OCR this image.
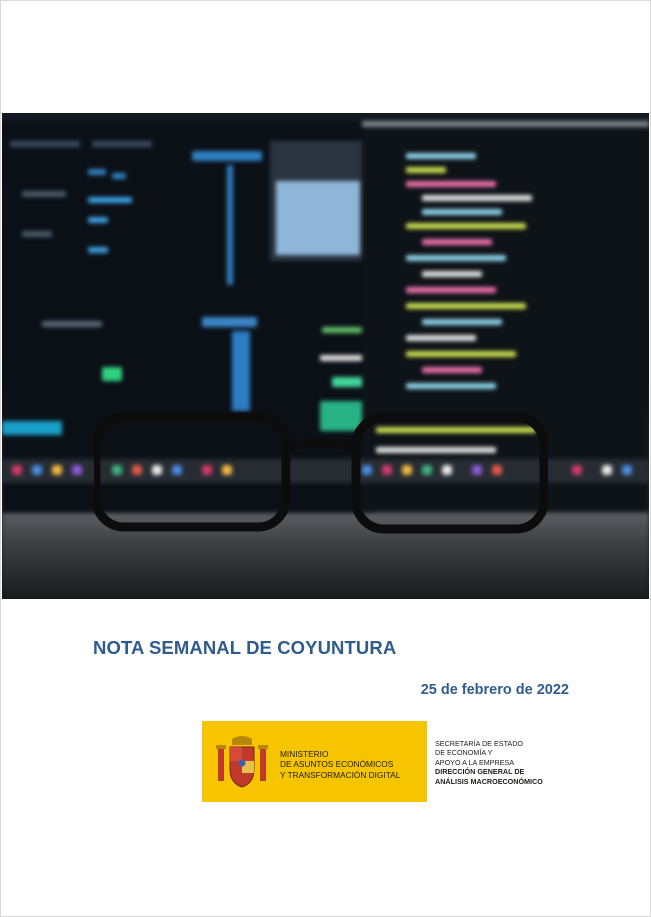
NOTA SEMANAL DE COYUNTURA
25 de febrero de 2022
MINISTERIO
DE ASUNTOS ECONÓMICOS
Y TRANSFORMACIÓN DIGITAL
SECRETARÍA DE ESTADO
DE ECONOMÍA Y
APOYO A LA EMPRESA
DIRECCIÓN GENERAL DE
ANÁLISIS MACROECONÓMICO
